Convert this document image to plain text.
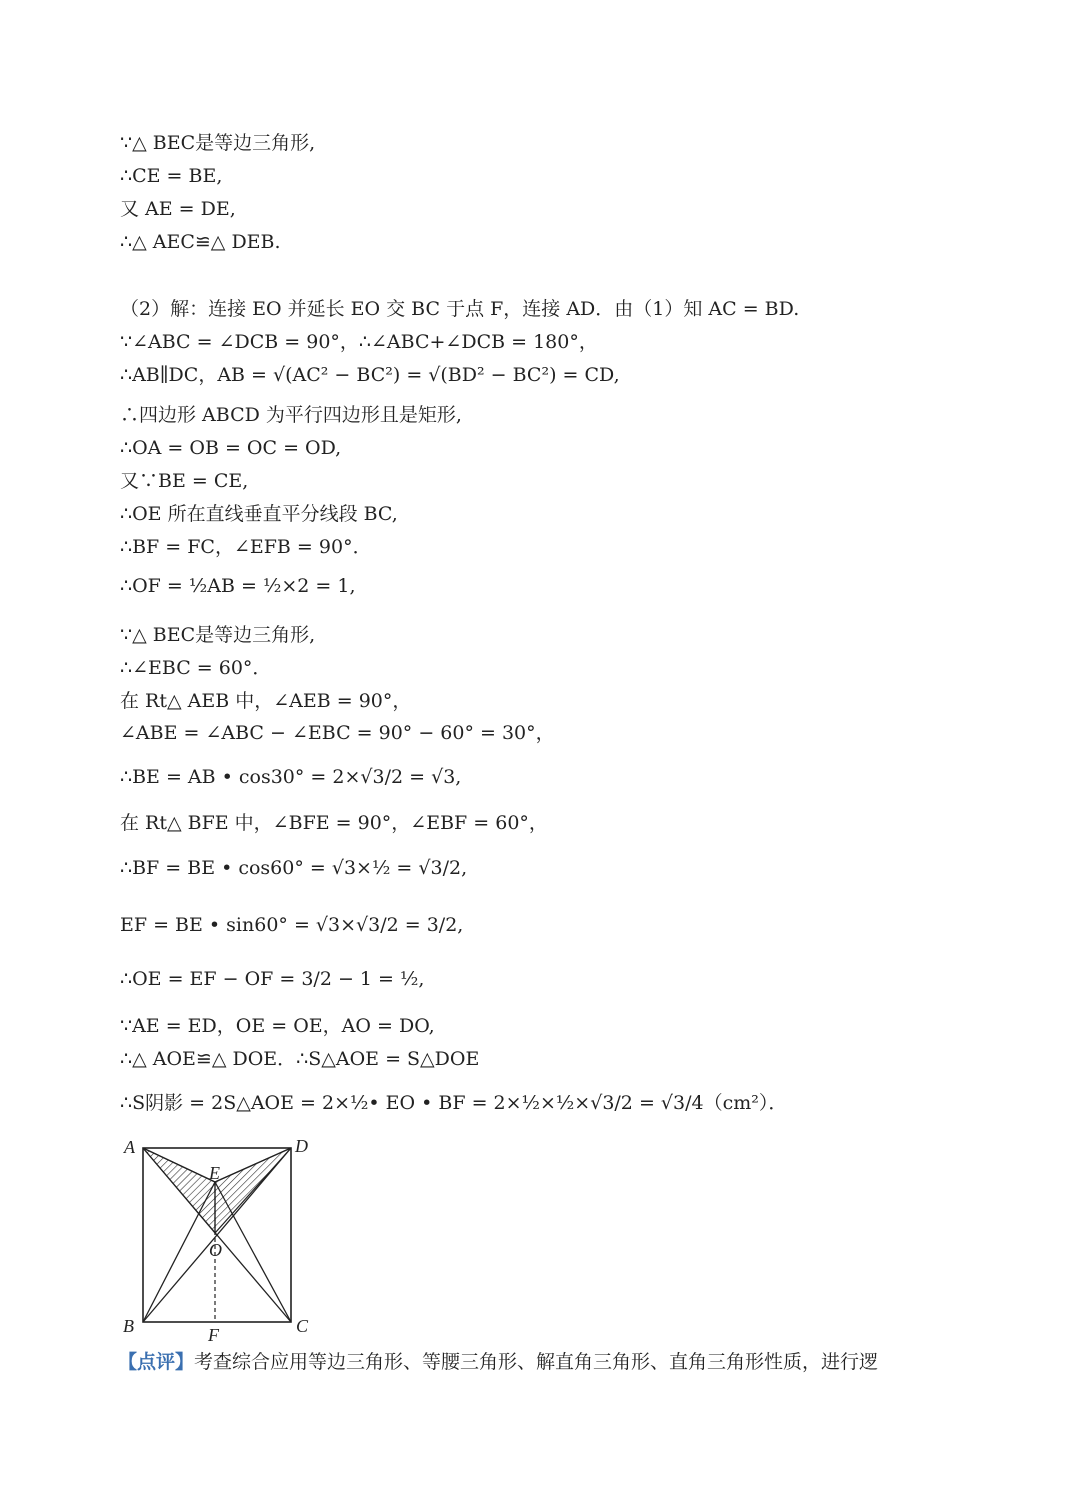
∵△ BEC是等边三角形,
∴CE = BE,
又 AE = DE,
∴△ AEC≌△ DEB.
（2）解：连接 EO 并延长 EO 交 BC 于点 F，连接 AD．由（1）知 AC = BD.
∵∠ABC = ∠DCB = 90°，∴∠ABC+∠DCB = 180°，
∴AB∥DC，AB = √(AC² − BC²) = √(BD² − BC²) = CD,
∴四边形 ABCD 为平行四边形且是矩形,
∴OA = OB = OC = OD,
又∵BE = CE,
∴OE 所在直线垂直平分线段 BC,
∴BF = FC，∠EFB = 90°．
∴OF = ½AB = ½×2 = 1,
∵△ BEC是等边三角形,
∴∠EBC = 60°．
在 Rt△ AEB 中，∠AEB = 90°，
∠ABE = ∠ABC − ∠EBC = 90° − 60° = 30°，
∴BE = AB • cos30° = 2×√3/2 = √3,
在 Rt△ BFE 中，∠BFE = 90°，∠EBF = 60°，
∴BF = BE • cos60° = √3×½ = √3/2,
EF = BE • sin60° = √3×√3/2 = 3/2,
∴OE = EF − OF = 3/2 − 1 = ½,
∵AE = ED，OE = OE，AO = DO,
∴△ AOE≌△ DOE．∴S△AOE = S△DOE
∴S阴影 = 2S△AOE = 2×½• EO • BF = 2×½×½×√3/2 = √3/4（cm²）．
A	D
E
O
B	C
F
【点评】考查综合应用等边三角形、等腰三角形、解直角三角形、直角三角形性质，进行逻
